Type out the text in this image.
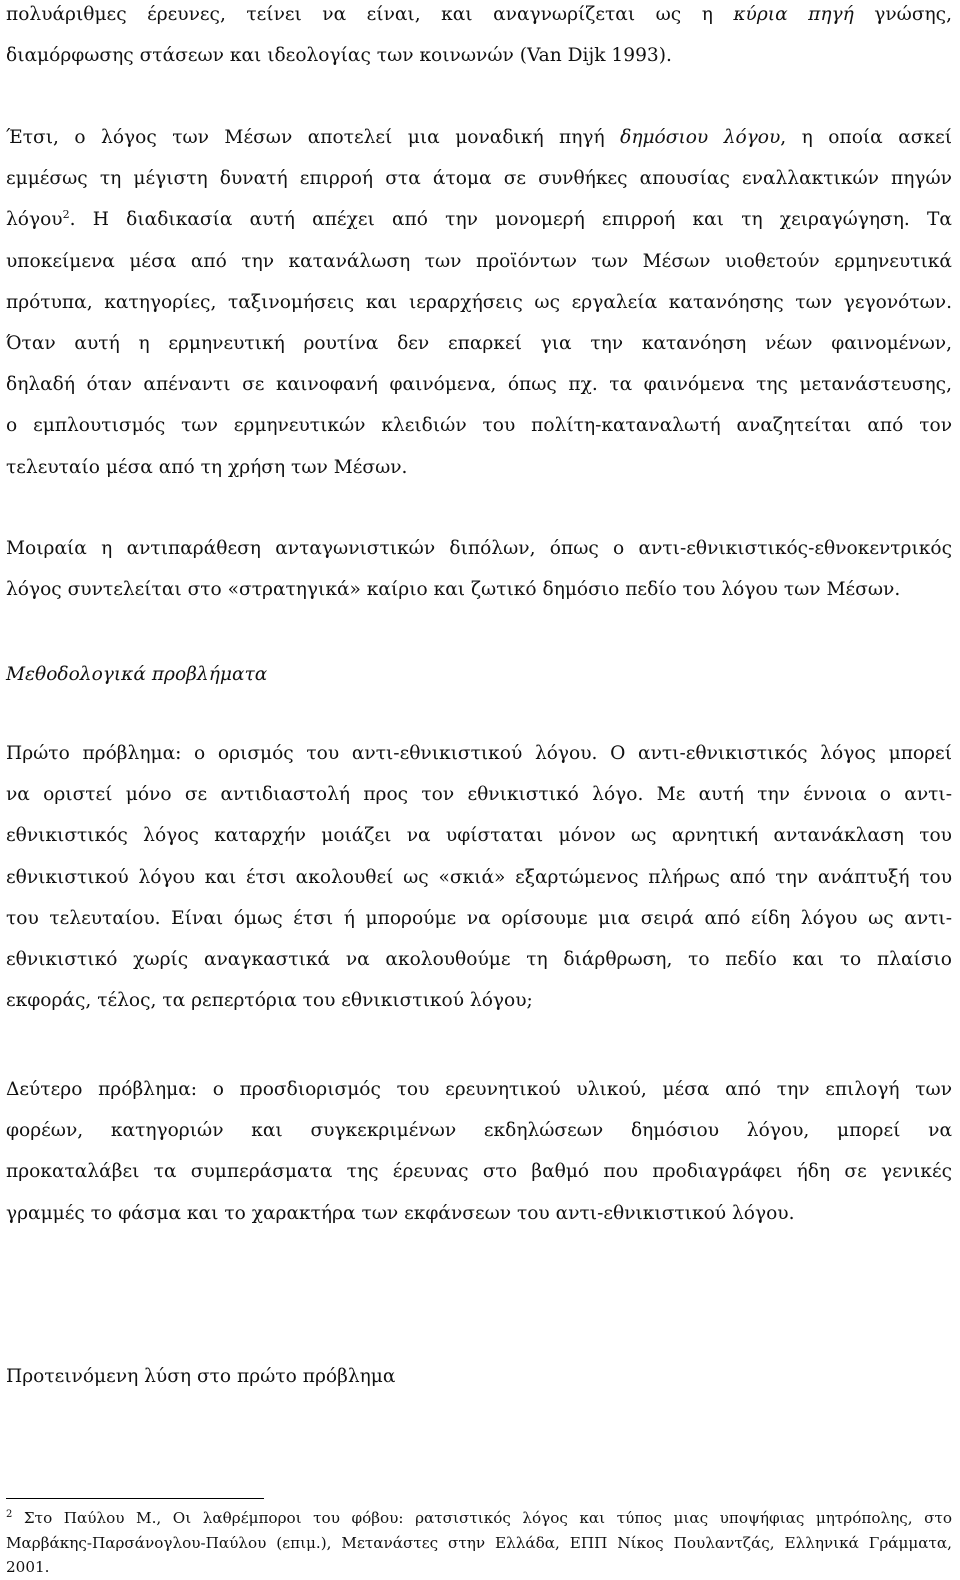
πολυάριθμες έρευνες, τείνει να είναι, και αναγνωρίζεται ως η κύρια πηγή γνώσης,
διαμόρφωσης στάσεων και ιδεολογίας των κοινωνών (Van Dijk 1993).
Έτσι, ο λόγος των Μέσων αποτελεί μια μοναδική πηγή δημόσιου λόγου, η οποία ασκεί
εμμέσως τη μέγιστη δυνατή επιρροή στα άτομα σε συνθήκες απουσίας εναλλακτικών πηγών
λόγου$^2$. Η διαδικασία αυτή απέχει από την μονομερή επιρροή και τη χειραγώγηση. Τα
υποκείμενα μέσα από την κατανάλωση των προϊόντων των Μέσων υιοθετούν ερμηνευτικά
πρότυπα, κατηγορίες, ταξινομήσεις και ιεραρχήσεις ως εργαλεία κατανόησης των γεγονότων.
Όταν αυτή η ερμηνευτική ρουτίνα δεν επαρκεί για την κατανόηση νέων φαινομένων,
δηλαδή όταν απέναντι σε καινοφανή φαινόμενα, όπως πχ. τα φαινόμενα της μετανάστευσης,
ο εμπλουτισμός των ερμηνευτικών κλειδιών του πολίτη-καταναλωτή αναζητείται από τον
τελευταίο μέσα από τη χρήση των Μέσων.
Μοιραία η αντιπαράθεση ανταγωνιστικών διπόλων, όπως ο αντι-εθνικιστικός-εθνοκεντρικός
λόγος συντελείται στο «στρατηγικά» καίριο και ζωτικό δημόσιο πεδίο του λόγου των Μέσων.
Μεθοδολογικά προβλήματα
Πρώτο πρόβλημα: ο ορισμός του αντι-εθνικιστικού λόγου. Ο αντι-εθνικιστικός λόγος μπορεί
να οριστεί μόνο σε αντιδιαστολή προς τον εθνικιστικό λόγο. Με αυτή την έννοια ο αντι-
εθνικιστικός λόγος καταρχήν μοιάζει να υφίσταται μόνον ως αρνητική αντανάκλαση του
εθνικιστικού λόγου και έτσι ακολουθεί ως «σκιά» εξαρτώμενος πλήρως από την ανάπτυξή του
του τελευταίου. Είναι όμως έτσι ή μπορούμε να ορίσουμε μια σειρά από είδη λόγου ως αντι-
εθνικιστικό χωρίς αναγκαστικά να ακολουθούμε τη διάρθρωση, το πεδίο και το πλαίσιο
εκφοράς, τέλος, τα ρεπερτόρια του εθνικιστικού λόγου;
Δεύτερο πρόβλημα: ο προσδιορισμός του ερευνητικού υλικού, μέσα από την επιλογή των
φορέων, κατηγοριών και συγκεκριμένων εκδηλώσεων δημόσιου λόγου, μπορεί να
προκαταλάβει τα συμπεράσματα της έρευνας στο βαθμό που προδιαγράφει ήδη σε γενικές
γραμμές το φάσμα και το χαρακτήρα των εκφάνσεων του αντι-εθνικιστικού λόγου.
Προτεινόμενη λύση στο πρώτο πρόβλημα
$^2$ Στο Παύλου Μ., Οι λαθρέμποροι του φόβου: ρατσιστικός λόγος και τύπος μιας υποψήφιας μητρόπολης, στο
Μαρβάκης-Παρσάνογλου-Παύλου (επιμ.), Μετανάστες στην Ελλάδα, ΕΠΠ Νίκος Πουλαντζάς, Ελληνικά Γράμματα,
2001.
